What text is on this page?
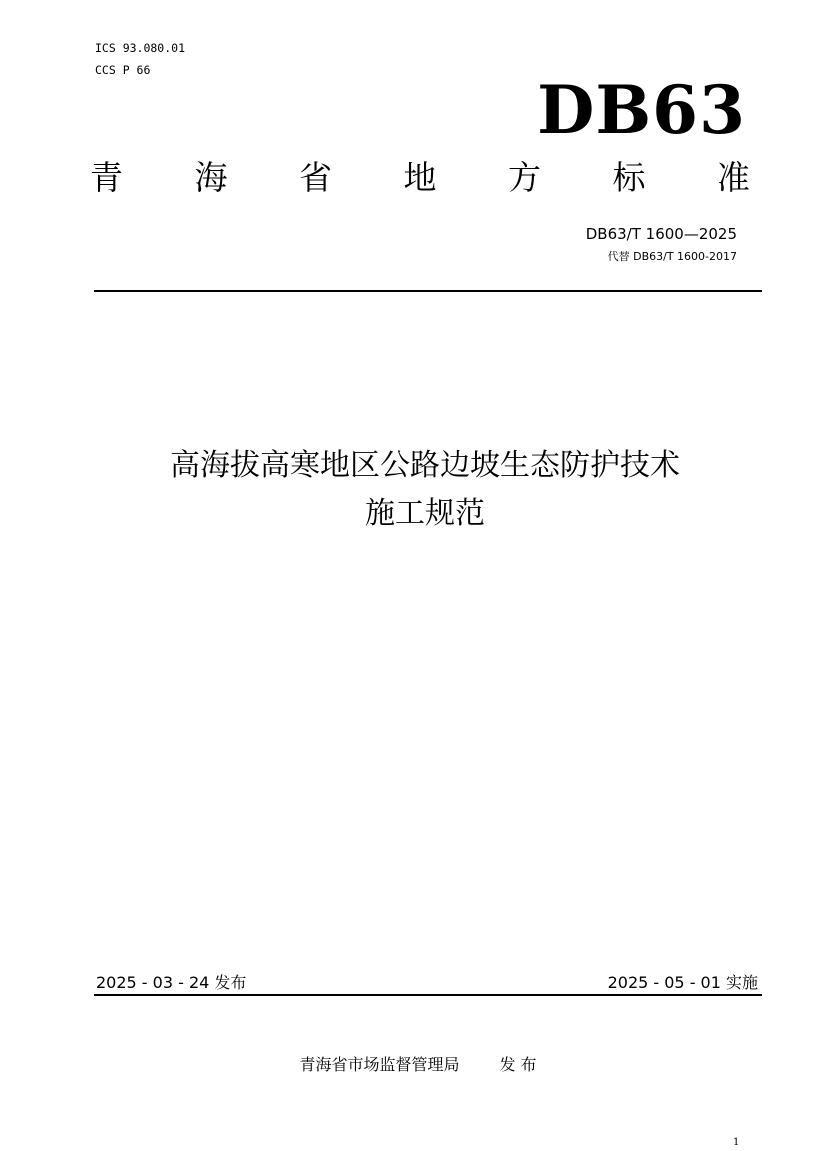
ICS 93.080.01
CCS P 66
DB63
青 海 省 地 方 标 准
DB63/T 1600—2025
代替 DB63/T 1600-2017
高海拔高寒地区公路边坡生态防护技术
施工规范
2025 - 03 - 24 发布	2025 - 05 - 01 实施
青海省市场监督管理局	发 布
1
